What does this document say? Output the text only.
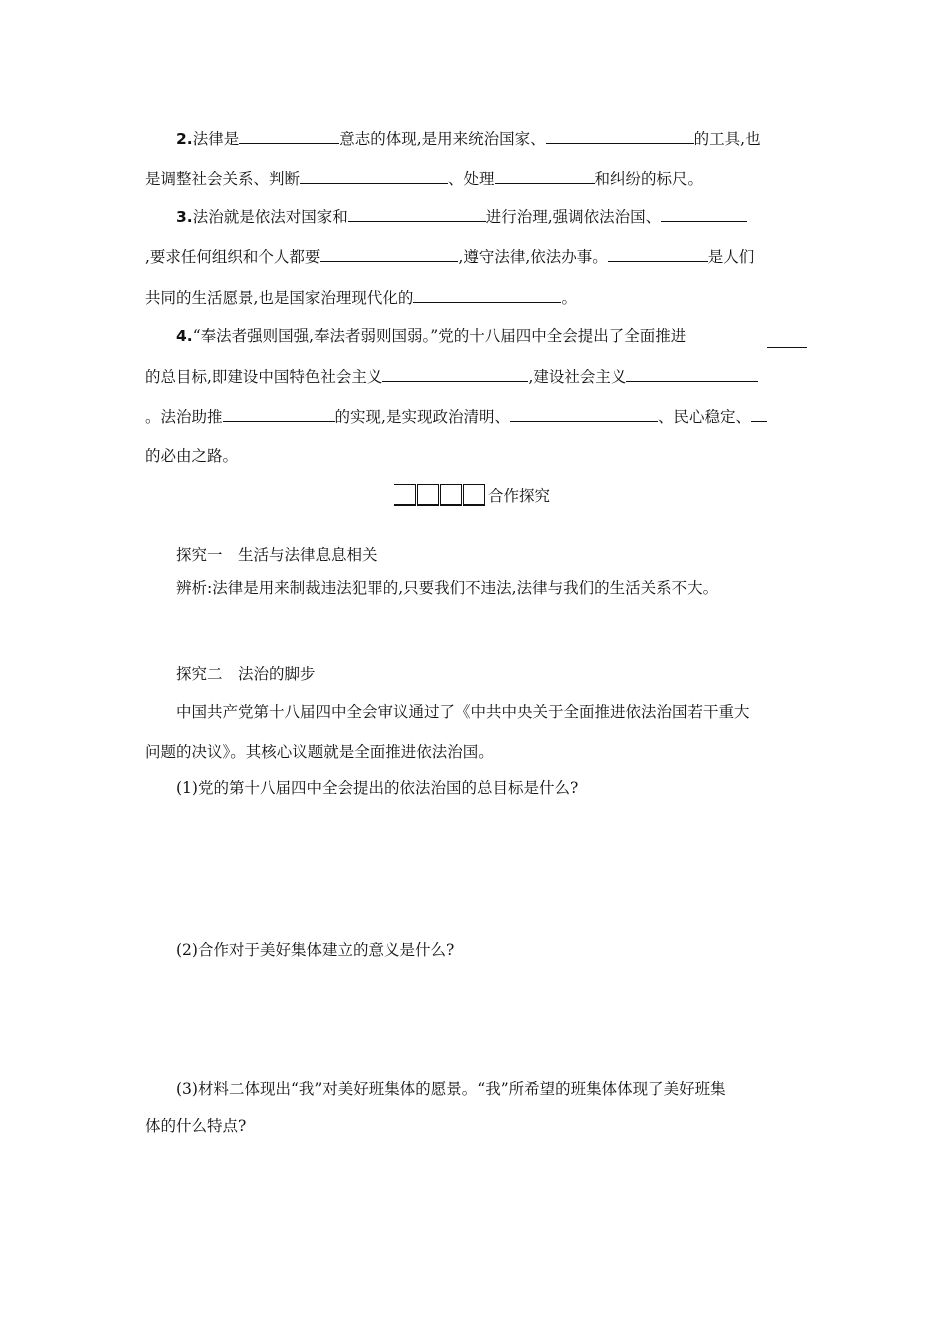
2.法律是	意志的体现,是用来统治国家、	的工具,也
是调整社会关系、判断	、处理	和纠纷的标尺。
3.法治就是依法对国家和	进行治理,强调依法治国、
,要求任何组织和个人都要	,遵守法律,依法办事。	是人们
共同的生活愿景,也是国家治理现代化的	。
4.“奉法者强则国强,奉法者弱则国弱。”党的十八届四中全会提出了全面推进
的总目标,即建设中国特色社会主义	,建设社会主义
。法治助推	的实现,是实现政治清明、	、民心稳定、
的必由之路。
合作探究
探究一　生活与法律息息相关
辨析:法律是用来制裁违法犯罪的,只要我们不违法,法律与我们的生活关系不大。
探究二　法治的脚步
中国共产党第十八届四中全会审议通过了《中共中央关于全面推进依法治国若干重大
问题的决议》。其核心议题就是全面推进依法治国。
(1)党的第十八届四中全会提出的依法治国的总目标是什么?
(2)合作对于美好集体建立的意义是什么?
(3)材料二体现出“我”对美好班集体的愿景。“我”所希望的班集体体现了美好班集
体的什么特点?
